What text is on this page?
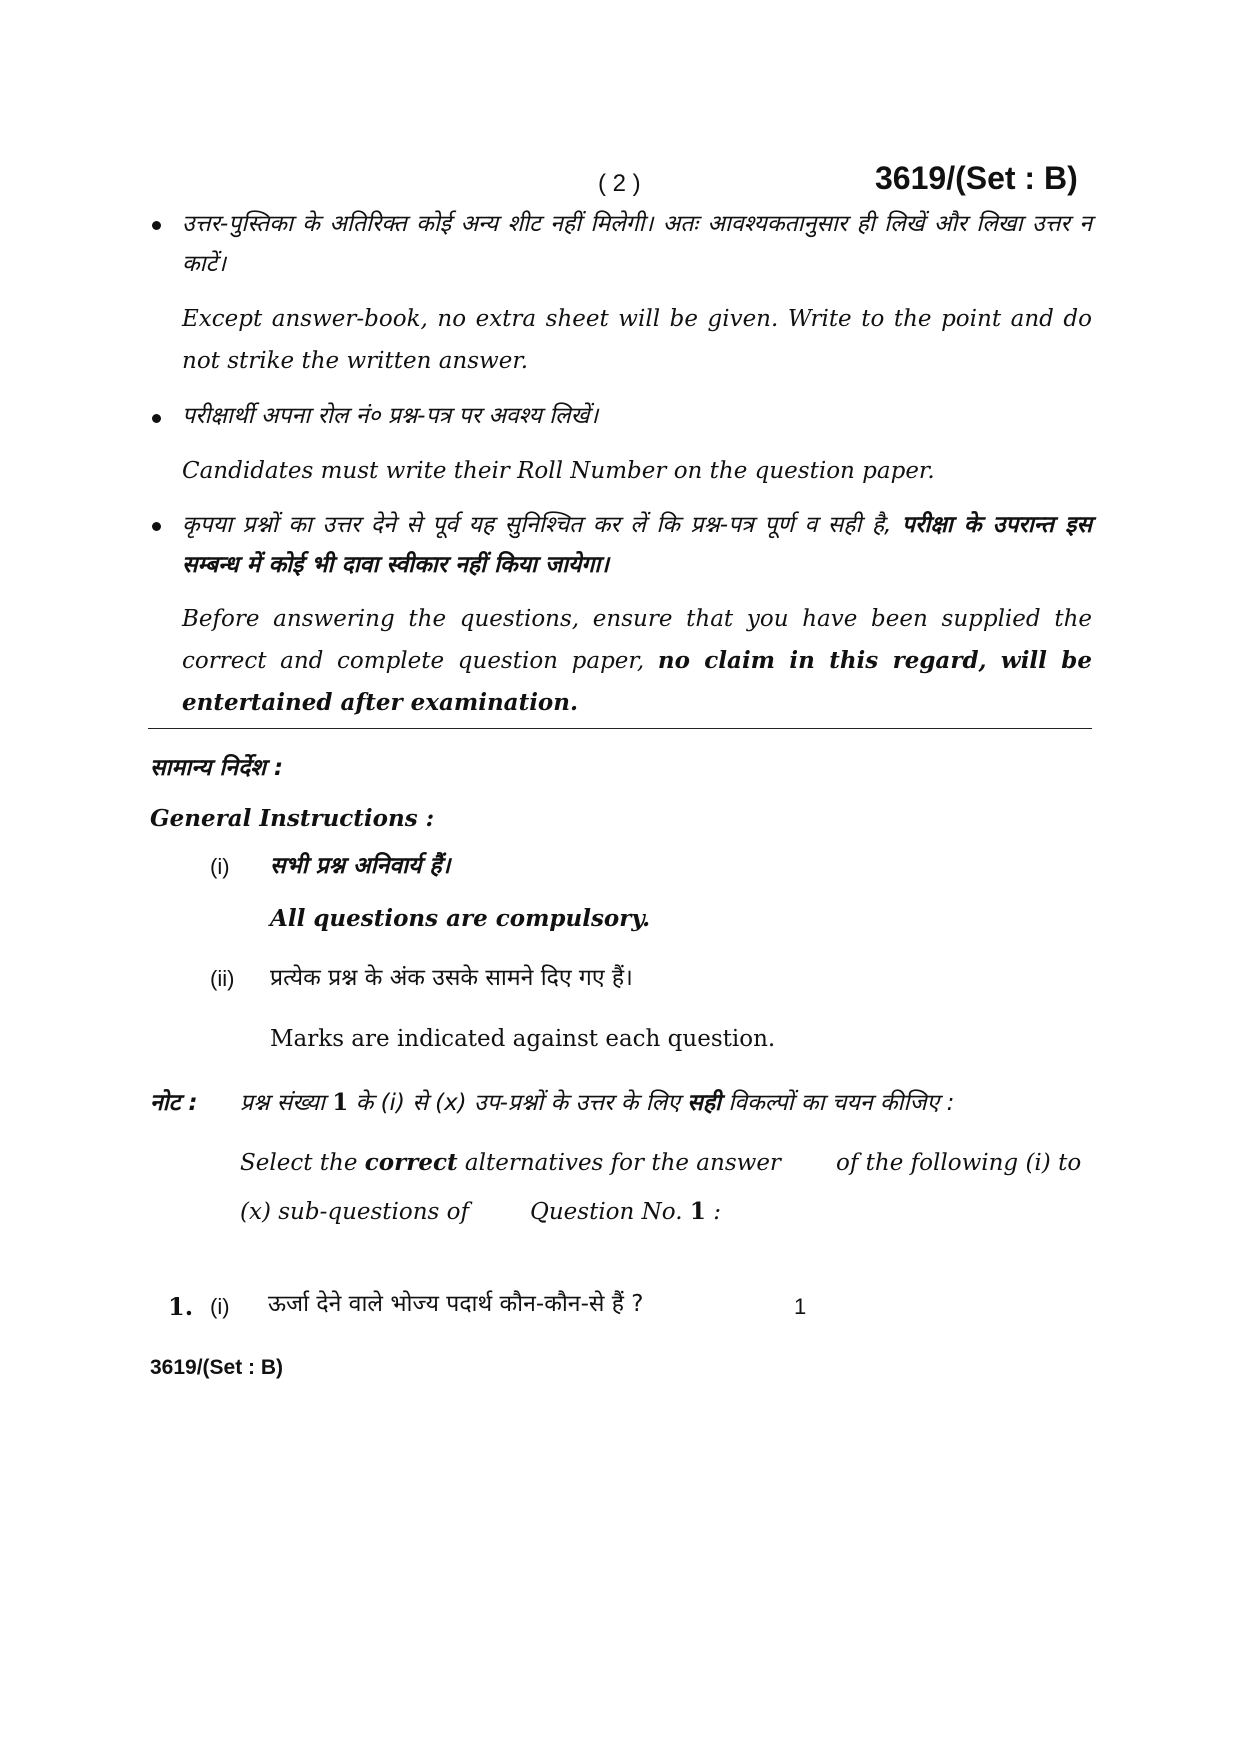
( 2 )	3619/(Set : B)
उत्तर-पुस्तिका के अतिरिक्त कोई अन्य शीट नहीं मिलेगी। अतः आवश्यकतानुसार ही लिखें और लिखा उत्तर न काटें।
Except answer-book, no extra sheet will be given. Write to the point and do not strike the written answer.
परीक्षार्थी अपना रोल नं० प्रश्न-पत्र पर अवश्य लिखें।
Candidates must write their Roll Number on the question paper.
कृपया प्रश्नों का उत्तर देने से पूर्व यह सुनिश्चित कर लें कि प्रश्न-पत्र पूर्ण व सही है, परीक्षा के उपरान्त इस सम्बन्ध में कोई भी दावा स्वीकार नहीं किया जायेगा।
Before answering the questions, ensure that you have been supplied the correct and complete question paper, no claim in this regard, will be entertained after examination.
सामान्य निर्देश :
General Instructions :
(i) सभी प्रश्न अनिवार्य हैं।
All questions are compulsory.
(ii) प्रत्येक प्रश्न के अंक उसके सामने दिए गए हैं।
Marks are indicated against each question.
नोट : प्रश्न संख्या 1 के (i) से (x) उप-प्रश्नों के उत्तर के लिए सही विकल्पों का चयन कीजिए :
Select the correct alternatives for the answer of the following (i) to
(x) sub-questions of	Question No. 1 :
1. (i) ऊर्जा देने वाले भोज्य पदार्थ कौन-कौन-से हैं ?	1
3619/(Set : B)
